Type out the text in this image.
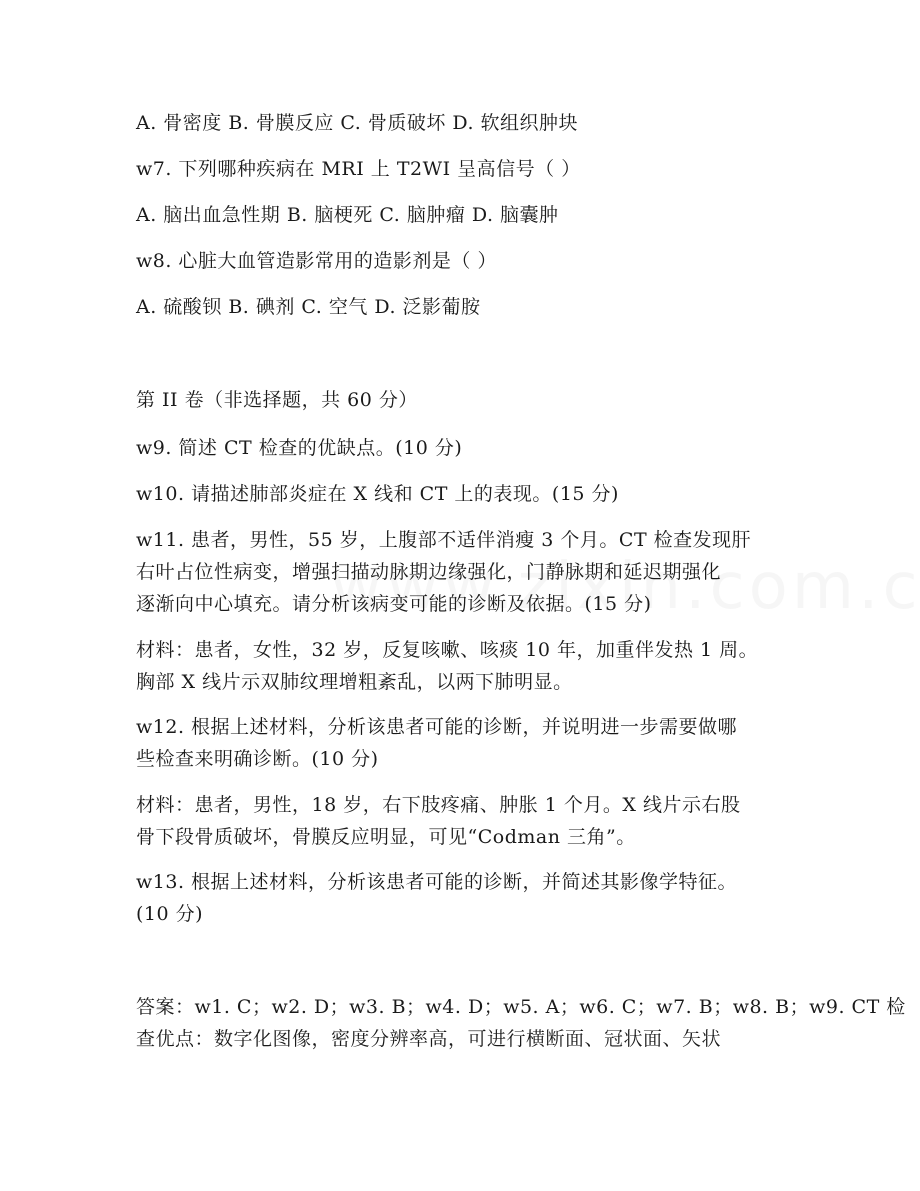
A. 骨密度 B. 骨膜反应 C. 骨质破坏 D. 软组织肿块
w7. 下列哪种疾病在 MRI 上 T2WI 呈高信号（ ）
A. 脑出血急性期 B. 脑梗死 C. 脑肿瘤 D. 脑囊肿
w8. 心脏大血管造影常用的造影剂是（ ）
A. 硫酸钡 B. 碘剂 C. 空气 D. 泛影葡胺
第 II 卷（非选择题，共 60 分）
w9. 简述 CT 检查的优缺点。(10 分)
w10. 请描述肺部炎症在 X 线和 CT 上的表现。(15 分)
w11. 患者，男性，55 岁，上腹部不适伴消瘦 3 个月。CT 检查发现肝
右叶占位性病变，增强扫描动脉期边缘强化，门静脉期和延迟期强化
逐渐向中心填充。请分析该病变可能的诊断及依据。(15 分)
材料：患者，女性，32 岁，反复咳嗽、咳痰 10 年，加重伴发热 1 周。
胸部 X 线片示双肺纹理增粗紊乱，以两下肺明显。
w12. 根据上述材料，分析该患者可能的诊断，并说明进一步需要做哪
些检查来明确诊断。(10 分)
材料：患者，男性，18 岁，右下肢疼痛、肿胀 1 个月。X 线片示右股
骨下段骨质破坏，骨膜反应明显，可见“Codman 三角”。
w13. 根据上述材料，分析该患者可能的诊断，并简述其影像学特征。
(10 分)
答案：w1. C；w2. D；w3. B；w4. D；w5. A；w6. C；w7. B；w8. B；w9. CT 检
查优点：数字化图像，密度分辨率高，可进行横断面、冠状面、矢状
